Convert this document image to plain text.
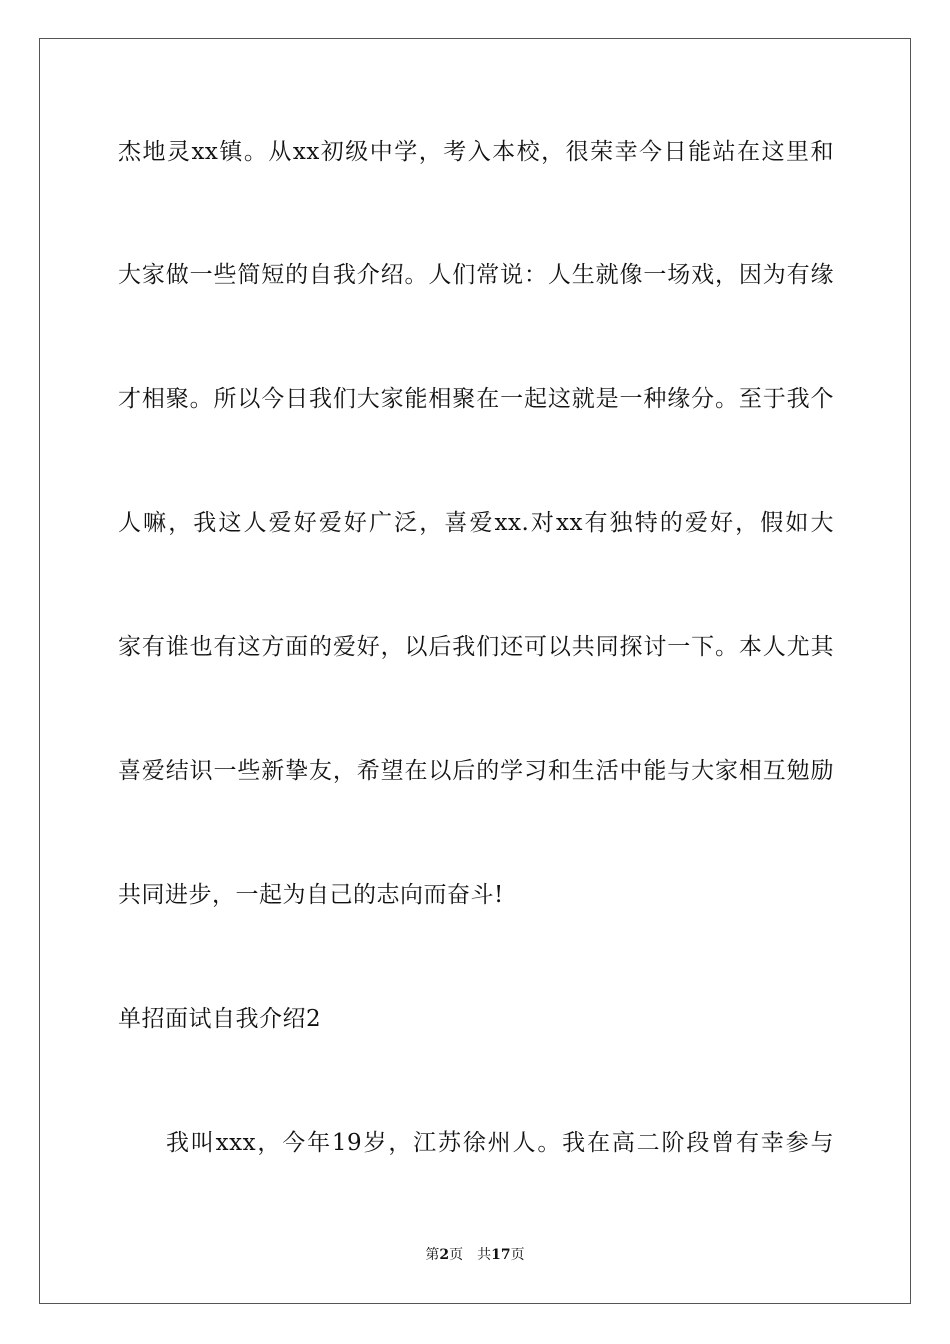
杰地灵xx镇。从xx初级中学，考入本校，很荣幸今日能站在这里和
大家做一些简短的自我介绍。人们常说：人生就像一场戏，因为有缘
才相聚。所以今日我们大家能相聚在一起这就是一种缘分。至于我个
人嘛，我这人爱好爱好广泛，喜爱xx.对xx有独特的爱好，假如大
家有谁也有这方面的爱好，以后我们还可以共同探讨一下。本人尤其
喜爱结识一些新挚友，希望在以后的学习和生活中能与大家相互勉励
共同进步，一起为自己的志向而奋斗!
单招面试自我介绍2
我叫xxx，今年19岁，江苏徐州人。我在高二阶段曾有幸参与
第2页 共17页
